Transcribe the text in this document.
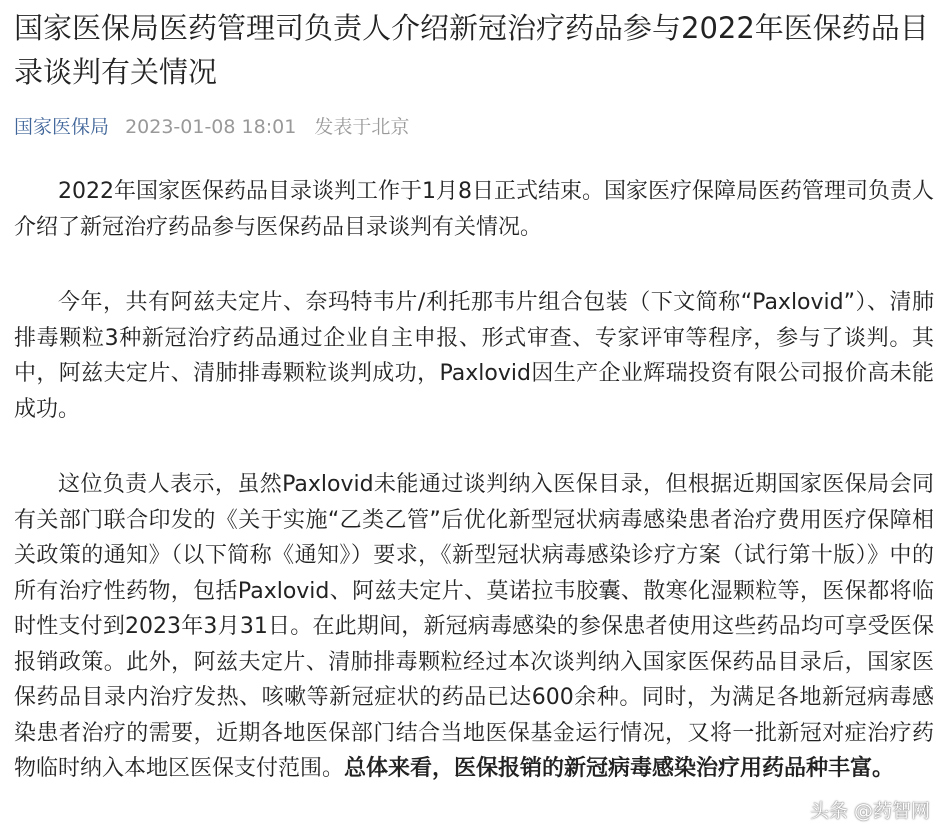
国家医保局医药管理司负责人介绍新冠治疗药品参与2022年医保药品目录谈判有关情况
国家医保局 2023-01-08 18:01 发表于北京

2022年国家医保药品目录谈判工作于1月8日正式结束。国家医疗保障局医药管理司负责人介绍了新冠治疗药品参与医保药品目录谈判有关情况。

今年，共有阿兹夫定片、奈玛特韦片/利托那韦片组合包装（下文简称“Paxlovid”）、清肺排毒颗粒3种新冠治疗药品通过企业自主申报、形式审查、专家评审等程序，参与了谈判。其中，阿兹夫定片、清肺排毒颗粒谈判成功，Paxlovid因生产企业辉瑞投资有限公司报价高未能成功。

这位负责人表示，虽然Paxlovid未能通过谈判纳入医保目录，但根据近期国家医保局会同有关部门联合印发的《关于实施“乙类乙管”后优化新型冠状病毒感染患者治疗费用医疗保障相关政策的通知》（以下简称《通知》）要求，《新型冠状病毒感染诊疗方案（试行第十版）》中的所有治疗性药物，包括Paxlovid、阿兹夫定片、莫诺拉韦胶囊、散寒化湿颗粒等，医保都将临时性支付到2023年3月31日。在此期间，新冠病毒感染的参保患者使用这些药品均可享受医保报销政策。此外，阿兹夫定片、清肺排毒颗粒经过本次谈判纳入国家医保药品目录后，国家医保药品目录内治疗发热、咳嗽等新冠症状的药品已达600余种。同时，为满足各地新冠病毒感染患者治疗的需要，近期各地医保部门结合当地医保基金运行情况，又将一批新冠对症治疗药物临时纳入本地区医保支付范围。总体来看，医保报销的新冠病毒感染治疗用药品种丰富。

头条 @药智网
